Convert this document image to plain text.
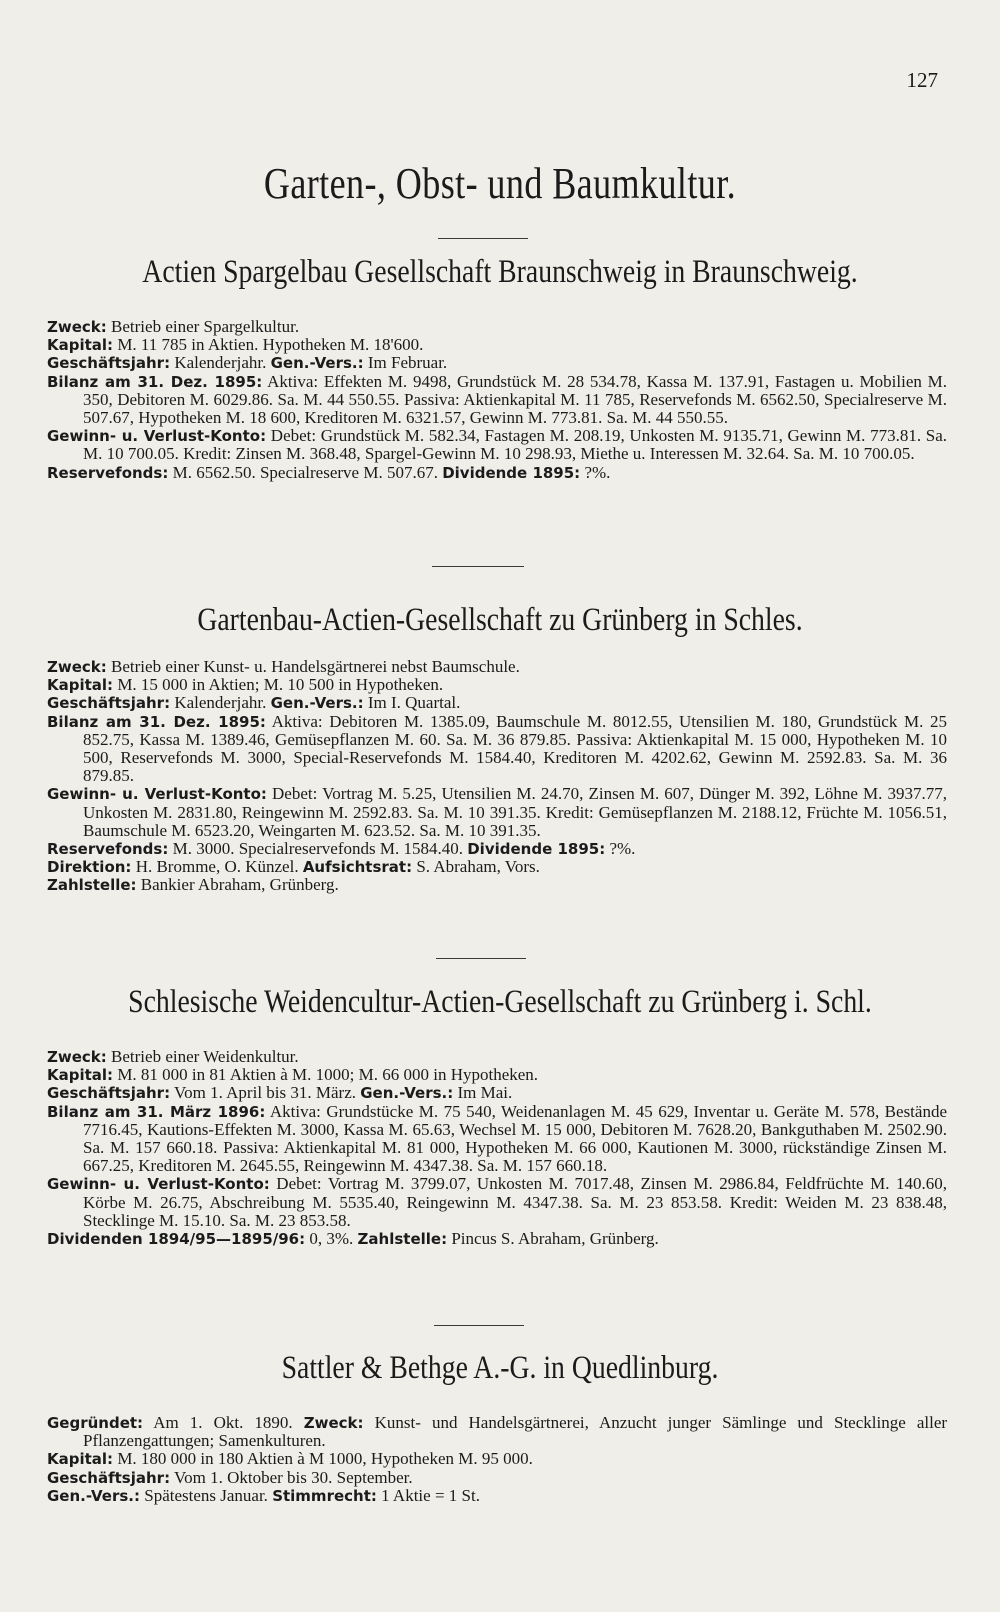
127
Garten-, Obst- und Baumkultur.
Actien Spargelbau Gesellschaft Braunschweig in Braunschweig.

Zweck: Betrieb einer Spargelkultur.

Kapital: M. 11 785 in Aktien. Hypotheken M. 18'600.

Geschäftsjahr: Kalenderjahr. Gen.-Vers.: Im Februar.

Bilanz am 31. Dez. 1895: Aktiva: Effekten M. 9498, Grundstück M. 28 534.78, Kassa M. 137.91, Fastagen u. Mobilien M. 350, Debitoren M. 6029.86. Sa. M. 44 550.55. Passiva: Aktienkapital M. 11 785, Reservefonds M. 6562.50, Specialreserve M. 507.67, Hypotheken M. 18 600, Kreditoren M. 6321.57, Gewinn M. 773.81. Sa. M. 44 550.55.

Gewinn- u. Verlust-Konto: Debet: Grundstück M. 582.34, Fastagen M. 208.19, Unkosten M. 9135.71, Gewinn M. 773.81. Sa. M. 10 700.05. Kredit: Zinsen M. 368.48, Spargel-Gewinn M. 10 298.93, Miethe u. Interessen M. 32.64. Sa. M. 10 700.05.

Reservefonds: M. 6562.50. Specialreserve M. 507.67. Dividende 1895: ?%.

Gartenbau-Actien-Gesellschaft zu Grünberg in Schles.

Zweck: Betrieb einer Kunst- u. Handelsgärtnerei nebst Baumschule.

Kapital: M. 15 000 in Aktien; M. 10 500 in Hypotheken.

Geschäftsjahr: Kalenderjahr. Gen.-Vers.: Im I. Quartal.

Bilanz am 31. Dez. 1895: Aktiva: Debitoren M. 1385.09, Baumschule M. 8012.55, Utensilien M. 180, Grundstück M. 25 852.75, Kassa M. 1389.46, Gemüsepflanzen M. 60. Sa. M. 36 879.85. Passiva: Aktienkapital M. 15 000, Hypotheken M. 10 500, Reservefonds M. 3000, Special-Reservefonds M. 1584.40, Kreditoren M. 4202.62, Gewinn M. 2592.83. Sa. M. 36 879.85.

Gewinn- u. Verlust-Konto: Debet: Vortrag M. 5.25, Utensilien M. 24.70, Zinsen M. 607, Dünger M. 392, Löhne M. 3937.77, Unkosten M. 2831.80, Reingewinn M. 2592.83. Sa. M. 10 391.35. Kredit: Gemüsepflanzen M. 2188.12, Früchte M. 1056.51, Baumschule M. 6523.20, Weingarten M. 623.52. Sa. M. 10 391.35.

Reservefonds: M. 3000. Specialreservefonds M. 1584.40. Dividende 1895: ?%.

Direktion: H. Bromme, O. Künzel. Aufsichtsrat: S. Abraham, Vors.

Zahlstelle: Bankier Abraham, Grünberg.

Schlesische Weidencultur-Actien-Gesellschaft zu Grünberg i. Schl.

Zweck: Betrieb einer Weidenkultur.

Kapital: M. 81 000 in 81 Aktien à M. 1000; M. 66 000 in Hypotheken.

Geschäftsjahr: Vom 1. April bis 31. März. Gen.-Vers.: Im Mai.

Bilanz am 31. März 1896: Aktiva: Grundstücke M. 75 540, Weidenanlagen M. 45 629, Inventar u. Geräte M. 578, Bestände 7716.45, Kautions-Effekten M. 3000, Kassa M. 65.63, Wechsel M. 15 000, Debitoren M. 7628.20, Bankguthaben M. 2502.90. Sa. M. 157 660.18. Passiva: Aktienkapital M. 81 000, Hypotheken M. 66 000, Kautionen M. 3000, rückständige Zinsen M. 667.25, Kreditoren M. 2645.55, Reingewinn M. 4347.38. Sa. M. 157 660.18.

Gewinn- u. Verlust-Konto: Debet: Vortrag M. 3799.07, Unkosten M. 7017.48, Zinsen M. 2986.84, Feldfrüchte M. 140.60, Körbe M. 26.75, Abschreibung M. 5535.40, Reingewinn M. 4347.38. Sa. M. 23 853.58. Kredit: Weiden M. 23 838.48, Stecklinge M. 15.10. Sa. M. 23 853.58.

Dividenden 1894/95—1895/96: 0, 3%. Zahlstelle: Pincus S. Abraham, Grünberg.

Sattler & Bethge A.-G. in Quedlinburg.

Gegründet: Am 1. Okt. 1890. Zweck: Kunst- und Handelsgärtnerei, Anzucht junger Sämlinge und Stecklinge aller Pflanzengattungen; Samenkulturen.

Kapital: M. 180 000 in 180 Aktien à M 1000, Hypotheken M. 95 000.

Geschäftsjahr: Vom 1. Oktober bis 30. September.

Gen.-Vers.: Spätestens Januar. Stimmrecht: 1 Aktie = 1 St.
